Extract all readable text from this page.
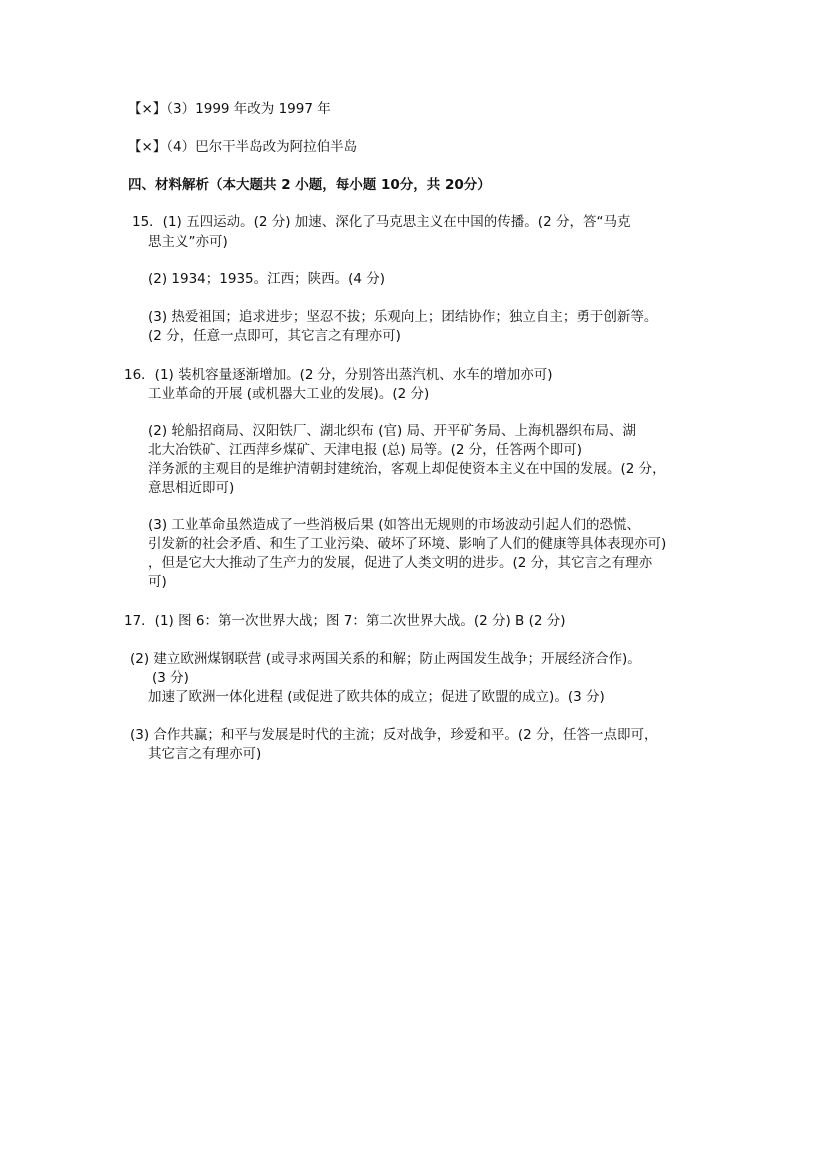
【×】（3）1999 年改为 1997 年
【×】（4）巴尔干半岛改为阿拉伯半岛
四、材料解析（本大题共 2 小题，每小题 10分，共 20分）
15．(1) 五四运动。(2 分) 加速、深化了马克思主义在中国的传播。(2 分，答“马克
思主义”亦可)
(2) 1934；1935。江西；陕西。(4 分)
(3) 热爱祖国；追求进步；坚忍不拔；乐观向上；团结协作；独立自主；勇于创新等。
(2 分，任意一点即可，其它言之有理亦可)
16．(1) 装机容量逐渐增加。(2 分，分别答出蒸汽机、水车的增加亦可)
工业革命的开展 (或机器大工业的发展)。(2 分)
(2) 轮船招商局、汉阳铁厂、湖北织布 (官) 局、开平矿务局、上海机器织布局、湖
北大冶铁矿、江西萍乡煤矿、天津电报 (总) 局等。(2 分，任答两个即可)
洋务派的主观目的是维护清朝封建统治，客观上却促使资本主义在中国的发展。(2 分，
意思相近即可)
(3) 工业革命虽然造成了一些消极后果 (如答出无规则的市场波动引起人们的恐慌、
引发新的社会矛盾、和生了工业污染、破坏了环境、影响了人们的健康等具体表现亦可)
，但是它大大推动了生产力的发展，促进了人类文明的进步。(2 分，其它言之有理亦
可)
17．(1) 图 6：第一次世界大战；图 7：第二次世界大战。(2 分) B (2 分)
(2) 建立欧洲煤钢联营 (或寻求两国关系的和解；防止两国发生战争；开展经济合作)。
(3 分)
加速了欧洲一体化进程 (或促进了欧共体的成立；促进了欧盟的成立)。(3 分)
(3) 合作共赢；和平与发展是时代的主流；反对战争，珍爱和平。(2 分，任答一点即可，
其它言之有理亦可)
